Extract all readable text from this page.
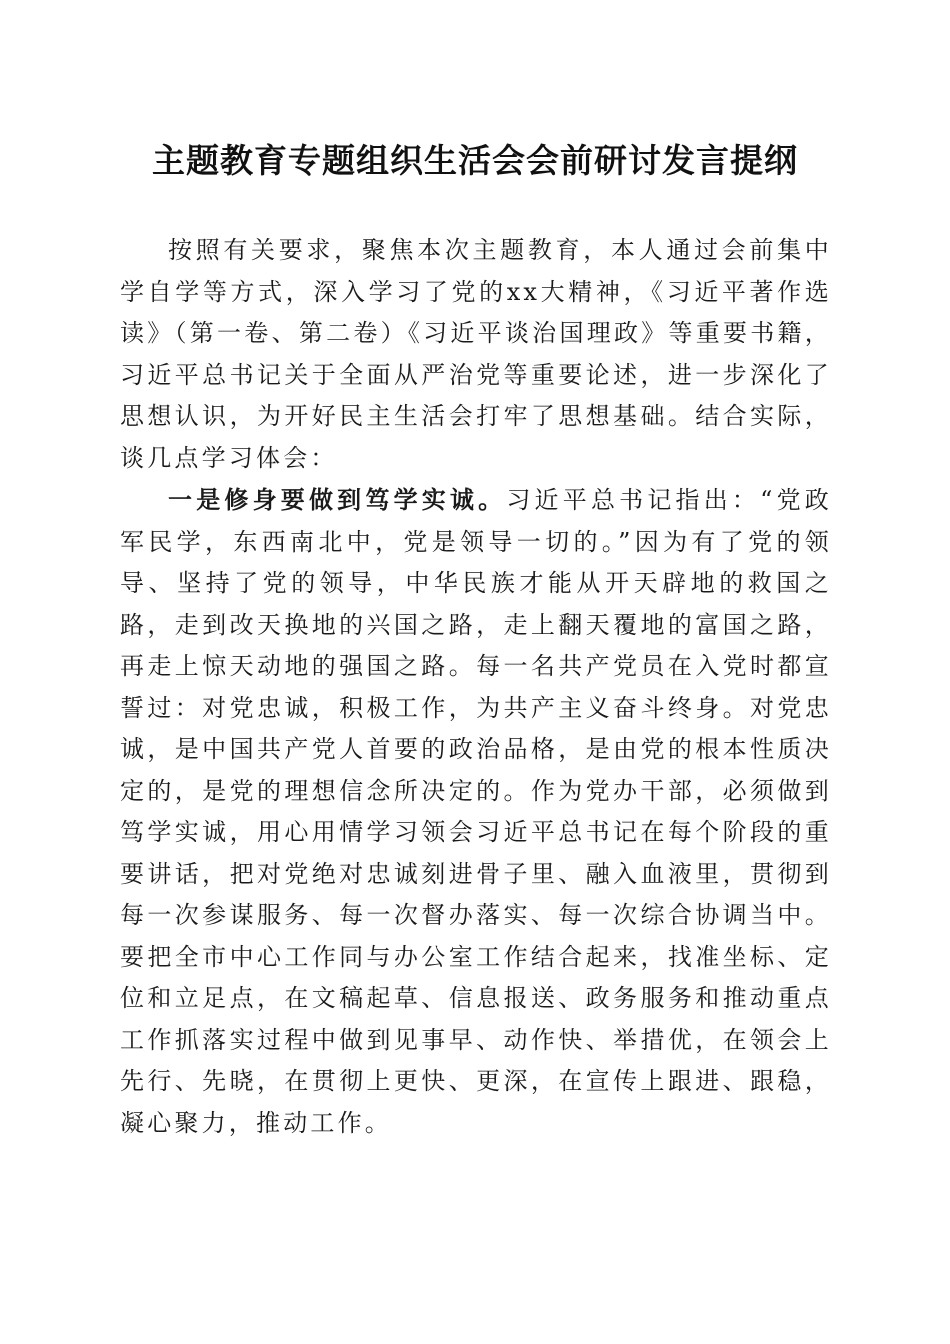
主题教育专题组织生活会会前研讨发言提纲

按照有关要求，聚焦本次主题教育，本人通过会前集中学自学等方式，深入学习了党的xx大精神，《习近平著作选读》（第一卷、第二卷）《习近平谈治国理政》等重要书籍，习近平总书记关于全面从严治党等重要论述，进一步深化了思想认识，为开好民主生活会打牢了思想基础。结合实际，谈几点学习体会：

一是修身要做到笃学实诚。习近平总书记指出：“党政军民学，东西南北中，党是领导一切的。”因为有了党的领导、坚持了党的领导，中华民族才能从开天辟地的救国之路，走到改天换地的兴国之路，走上翻天覆地的富国之路，再走上惊天动地的强国之路。每一名共产党员在入党时都宣誓过：对党忠诚，积极工作，为共产主义奋斗终身。对党忠诚，是中国共产党人首要的政治品格，是由党的根本性质决定的，是党的理想信念所决定的。作为党办干部，必须做到笃学实诚，用心用情学习领会习近平总书记在每个阶段的重要讲话，把对党绝对忠诚刻进骨子里、融入血液里，贯彻到每一次参谋服务、每一次督办落实、每一次综合协调当中。要把全市中心工作同与办公室工作结合起来，找准坐标、定位和立足点，在文稿起草、信息报送、政务服务和推动重点工作抓落实过程中做到见事早、动作快、举措优，在领会上先行、先晓，在贯彻上更快、更深，在宣传上跟进、跟稳，凝心聚力，推动工作。
